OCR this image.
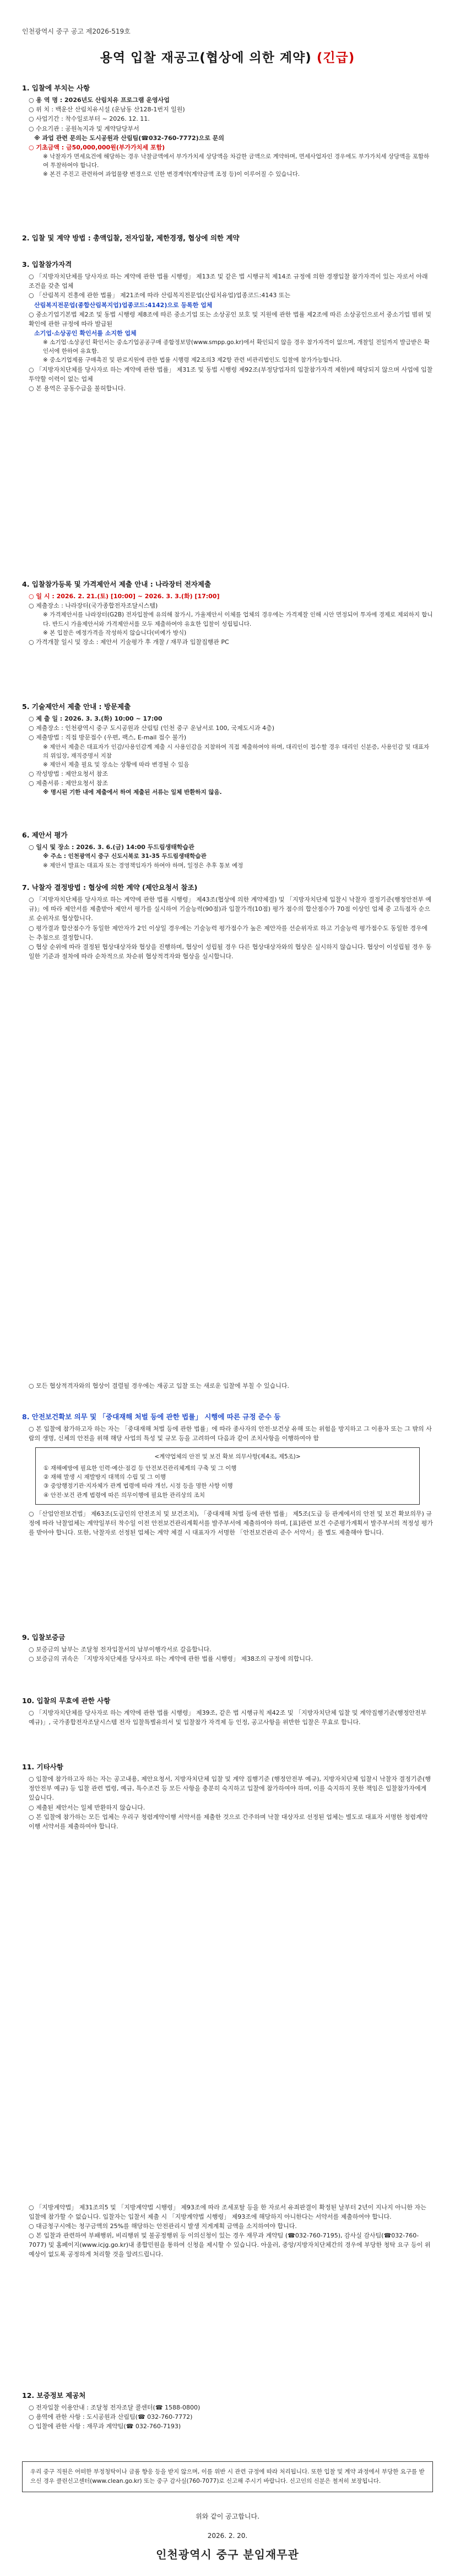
인천광역시 중구 공고 제2026-519호
용역 입찰 재공고(협상에 의한 계약) (긴급)
1. 입찰에 부치는 사항

○ 용 역 명 : 2026년도 산림치유 프로그램 운영사업

○ 위 치 : 백운산 산림치유시설 (운남동 산128-1번지 일원)

○ 사업기간 : 착수일로부터 ~ 2026. 12. 11.

○ 수요기관 : 공원녹지과 및 계약담당부서

※ 과업 관련 문의는 도시공원과 산림팀(☎032-760-7772)으로 문의

○ 기초금액 : 금50,000,000원(부가가치세 포함)

※ 낙찰자가 면세요건에 해당하는 경우 낙찰금액에서 부가가치세 상당액을 차감한 금액으로 계약하며, 면세사업자인 경우에도 부가가치세 상당액을 포함하여 투찰하여야 합니다.

※ 본건 주진고 관련하여 과업물량 변경으로 인한 변경계약(계약금액 조정 등)이 이루어질 수 있습니다.

2. 입찰 및 계약 방법 : 총액입찰, 전자입찰, 제한경쟁, 협상에 의한 계약
3. 입찰참가자격

○ 「지방자치단체를 당사자로 하는 계약에 관한 법률 시행령」 제13조 및 같은 법 시행규칙 제14조 규정에 의한 경쟁입찰 참가자격이 있는 자로서 아래 조건을 갖춘 업체

○ 「산림복지 진흥에 관한 법률」 제21조에 따라 산림복지전문업(산림치유업)업종코드:4143 또는

산림복지전문업(종합산림복지업)업종코드:4142)으로 등록한 업체

○ 중소기업기본법 제2조 및 동법 시행령 제8조에 따른 중소기업 또는 소상공인 보호 및 지원에 관한 법률 제2조에 따른 소상공인으로서 중소기업 범위 및 확인에 관한 규정에 따라 발급된

소기업·소상공인 확인서를 소지한 업체

※ 소기업·소상공인 확인서는 중소기업공공구매 종합정보망(www.smpp.go.kr)에서 확인되지 않을 경우 참가자격이 없으며, 개찰일 전일까지 발급받은 확인서에 한하여 유효함.

※ 중소기업제품 구매촉진 및 판로지원에 관한 법률 시행령 제2조의3 제2항 관련 비관리법인도 입찰에 참가가능합니다.

○ 「지방자치단체를 당사자로 하는 계약에 관한 법률」 제31조 및 동법 시행령 제92조(부정당업자의 입찰참가자격 제한)에 해당되지 않으며 사업에 입찰 투약할 이력이 없는 업체

○ 본 용역은 공동수급을 불허합니다.

4. 입찰참가등록 및 가격제안서 제출 안내 : 나라장터 전자제출

○ 일 시 : 2026. 2. 21.(토) [10:00] ~ 2026. 3. 3.(화) [17:00]

○ 제출장소 : 나라장터(국가종합전자조달시스템)

※ 가격제안서를 나라장터(G2B) 전자입찰에 유의해 참가시, 가율제안서 이체를 업체의 경우에는 가격제잘 인해 시안 면정되어 투자에 경제로 제외하지 합니다. 반드시 가율제안서와 가격제안서를 모두 제출하여야 유효한 입찰이 성립됩니다.

※ 본 입찰은 예정가격을 작성하지 않습니다(비예가 방식)

○ 가격개찰 일시 및 장소 : 제안서 기술평가 후 개찰 / 재무과 입찰집행관 PC

5. 기술제안서 제출 안내 : 방문제출

○ 제 출 일 : 2026. 3. 3.(화) 10:00 ~ 17:00

○ 제출장소 : 인천광역시 중구 도시공원과 산림팀 (인천 중구 운남서로 100, 국제도시과 4층)

○ 제출방법 : 직접 방문접수 (우편, 팩스, E-mail 접수 불가)

※ 제안서 제출은 대표자가 인감/사용인감계 제출 시 사용인감을 지참하여 직접 제출하여야 하며, 대리인이 접수할 경우 대리인 신분증, 사용인감 및 대표자의 위임장, 재직증명서 지참

※ 제안서 제출 필요 및 장소는 상황에 따라 변경될 수 있음

○ 작성방법 : 제안요청서 참조

○ 제출서류 : 제안요청서 참조

※ 명시된 기한 내에 제출에서 하여 제출된 서류는 일체 반환하지 않음.

6. 제안서 평가

○ 일시 및 장소 : 2026. 3. 6.(금) 14:00 두드림생태학습관

※ 주소 : 인천광역시 중구 신도시북로 31-35 두드림생태학습관

※ 제안서 발표는 대표자 또는 경영책임자가 하여야 하며, 일정은 추후 통보 예정

7. 낙찰자 결정방법 : 협상에 의한 계약 (제안요청서 참조)

○ 「지방자치단체를 당사자로 하는 계약에 관한 법률 시행령」 제43조(협상에 의한 계약체결) 및 「지방자치단체 입찰시 낙찰자 결정기준(행정안전부 예규)」에 따라 제안서를 제출받아 제안서 평가를 실시하여 기술능력(90점)과 입찰가격(10점) 평가 점수의 합산점수가 70점 이상인 업체 중 고득점자 순으로 순위자로 협상합니다.

○ 평가결과 합산점수가 동일한 제안자가 2인 이상일 경우에는 기술능력 평가점수가 높은 제안자를 선순위자로 하고 기술능력 평가점수도 동일한 경우에는 추첨으로 결정합니다.

○ 협상 순위에 따라 결정된 협상대상자와 협상을 진행하며, 협상이 성립될 경우 다른 협상대상자와의 협상은 실시하지 않습니다. 협상이 이성립될 경우 동일한 기준과 절차에 따라 순차적으로 차순위 협상적격자와 협상을 실시합니다.

○ 모든 협상적격자와의 협상이 결렬될 경우에는 재공고 입찰 또는 새로운 입찰에 부칠 수 있습니다.

8. 안전보건확보 의무 및 「중대재해 처벌 등에 관한 법률」 시행에 따른 규정 준수 등

○ 본 입찰에 참가하고자 하는 자는 「중대재해 처벌 등에 관한 법률」에 따라 종사자의 안전·보건상 유해 또는 위험을 방지하고 그 이용자 또는 그 밖의 사람의 생명, 신체의 안전을 위해 해당 사업의 특성 및 규모 등을 고려하여 다음과 같이 조치사항을 이행하여야 함

<계약업체의 안전 및 보건 확보 의무사항(제4조, 제5조)>
① 재해예방에 필요한 인력·예산·점검 등 안전보건관리체계의 구축 및 그 이행
② 재해 발생 시 재발방지 대책의 수립 및 그 이행
③ 중앙행정기관·지자체가 관계 법령에 따라 개선, 시정 등을 명한 사항 이행
④ 안전·보건 관계 법령에 따른 의무이행에 필요한 관리상의 조치

○ 「산업안전보건법」 제63조(도급인의 안전조치 및 보건조치), 「중대재해 처벌 등에 관한 법률」 제5조(도급 등 관계에서의 안전 및 보건 확보의무) 규정에 따라 낙찰업체는 계약일부터 착수일 이전 안전보건관리계획서를 발주부서에 제출하여야 하며, [표]관련 보건 수준평가계획서 발주부서의 적정성 평가를 받아야 합니다. 또한, 낙찰자로 선정된 업체는 계약 체결 시 대표자가 서명한 「안전보건관리 준수 서약서」를 별도 제출해야 합니다.

9. 입찰보증금

○ 보증금의 납부는 조달청 전자입찰서의 납부이행각서로 갈음합니다.

○ 보증금의 귀속은 「지방자치단체를 당사자로 하는 계약에 관한 법률 시행령」 제38조의 규정에 의합니다.

10. 입찰의 무효에 관한 사항

○ 「지방자치단체를 당사자로 하는 계약에 관한 법률 시행령」 제39조, 같은 법 시행규칙 제42조 및 「지방자치단체 입찰 및 계약집행기준(행정안전부 예규)」, 국가종합전자조달시스템 전자 입찰특별유의서 및 입찰참가 자격제 등 인정, 공고사항을 위반한 입찰은 무효로 합니다.

11. 기타사항

○ 입찰에 참가하고자 하는 자는 공고내용, 제안요청서, 지방자치단체 입찰 및 계약 집행기준 (행정안전부 예규), 지방자치단체 입찰시 낙찰자 결정기준(행정안전부 예규) 등 입찰 관련 법령, 예규, 특수조건 등 모든 사항을 충분히 숙지하고 입찰에 참가하여야 하며, 이를 숙지하지 못한 책임은 입찰참가자에게 있습니다.

○ 제출된 제안서는 일체 반환하지 않습니다.

○ 본 입찰에 참가하는 모든 업체는 우리구 청렴계약이행 서약서를 제출한 것으로 간주하며 낙찰 대상자로 선정된 업체는 별도로 대표자 서명한 청렴계약이행 서약서를 제출하여야 합니다.

○ 「지방계약법」 제31조의5 및 「지방계약법 시행령」 제93조에 따라 조세포탈 등을 한 자로서 유죄판결이 확정된 날부터 2년이 지나지 아니한 자는 입찰에 참가할 수 없습니다. 입찰자는 입찰서 제출 시 「지방계약법 시행령」 제93조에 해당하지 아니한다는 서약서를 제출하여야 합니다.

○ 대금청구시에는 청구금액의 25%를 해당하는 안전관리시 발생 지게계획 금액을 소지하여야 합니다.

○ 본 입찰과 관련하여 부패행위, 비리행위 및 불공정행위 등 이의신청이 있는 경우 재무과 계약팀 (☎032-760-7195), 감사실 감사팀(☎032-760-7077) 및 홈페이지(www.icjg.go.kr)내 종합민원을 통하여 신청을 제시할 수 있습니다. 아울러, 중앙/지방자치단체간의 경우에 부당한 청탁 요구 등이 위 예상이 없도록 공정하게 처리할 것을 알려드립니다.

12. 보증정보 제공처

○ 전자입찰 이용안내 : 조달청 전자조달 콜센터(☎ 1588-0800)

○ 용역에 관한 사항 : 도시공원과 산림팀(☎ 032-760-7772)

○ 입찰에 관한 사항 : 재무과 계약팀(☎ 032-760-7193)

우리 중구 직원은 어떠한 부정청탁이나 금품 향응 등을 받지 않으며, 이를 위반 시 관련 규정에 따라 처리됩니다. 또한 입찰 및 계약 과정에서 부당한 요구를 받으신 경우 클린신고센터(www.clean.go.kr) 또는 중구 감사실(760-7077)로 신고해 주시기 바랍니다. 신고인의 신분은 철저히 보장됩니다.
위와 같이 공고합니다.
2026. 2. 20.
인천광역시 중구 분임재무관
